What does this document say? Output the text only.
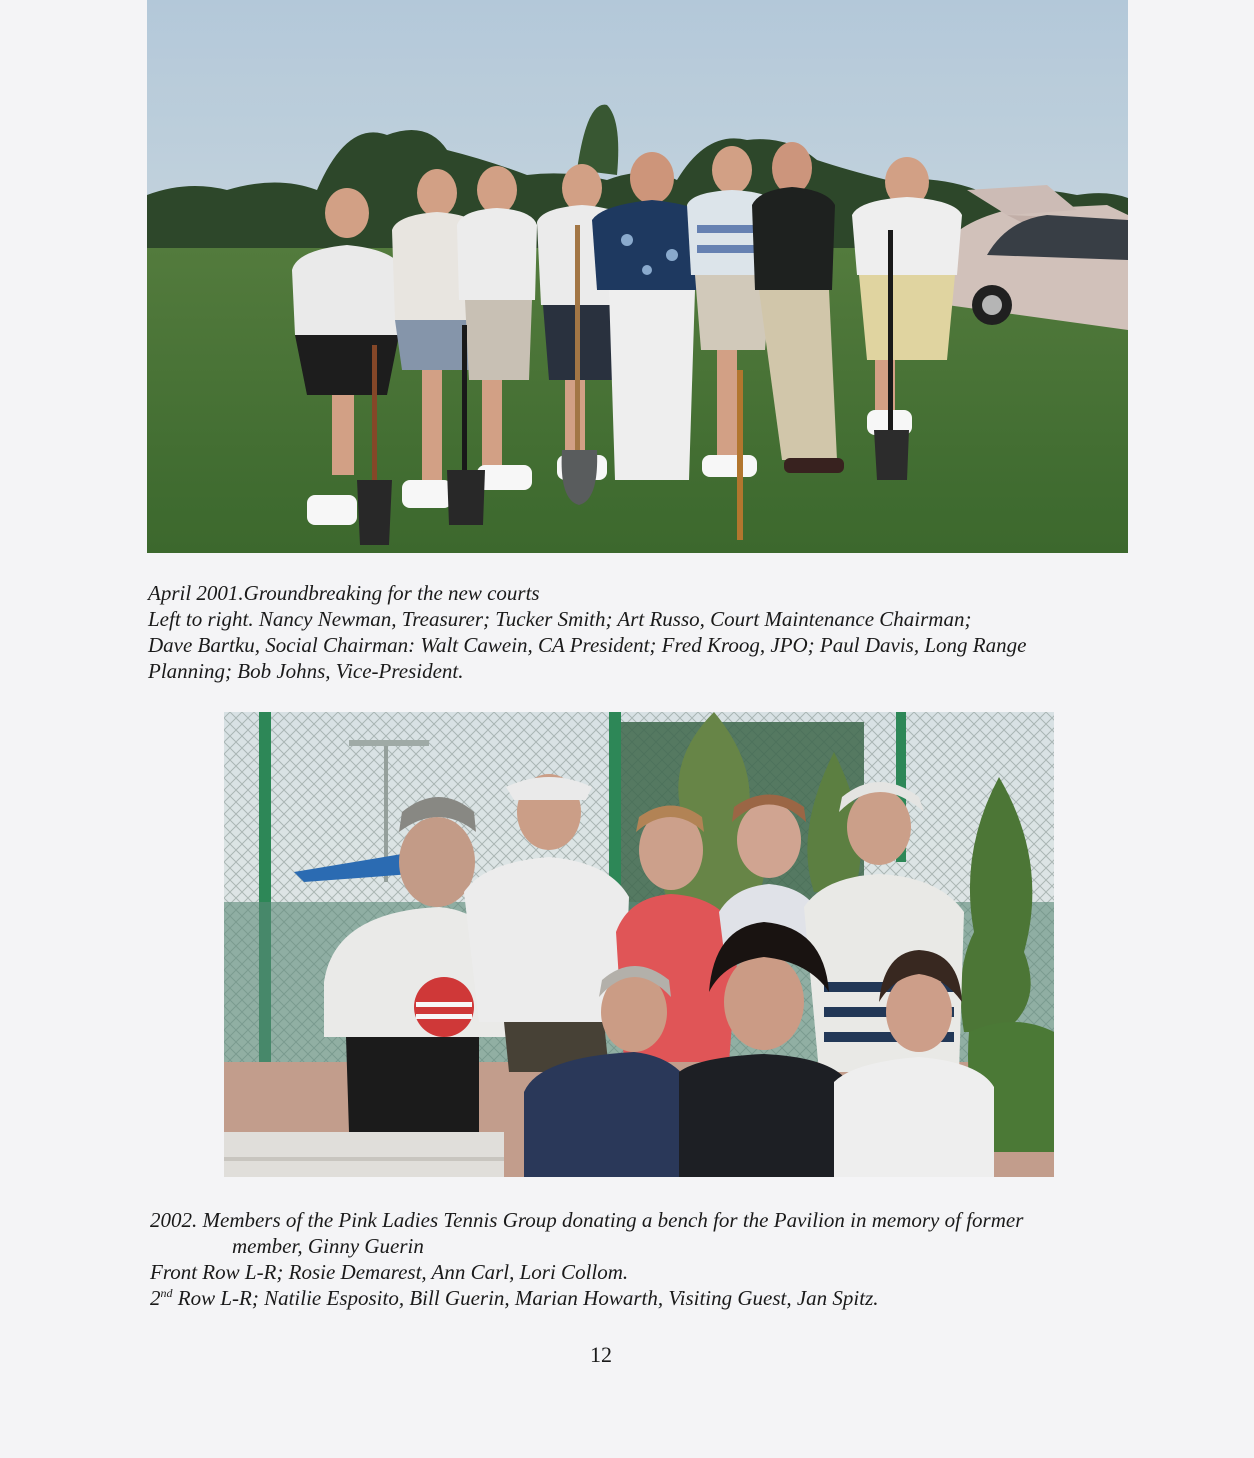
April 2001.Groundbreaking for the new courts
Left to right. Nancy Newman, Treasurer; Tucker Smith; Art Russo, Court Maintenance Chairman;
Dave Bartku, Social Chairman: Walt Cawein, CA President; Fred Kroog, JPO; Paul Davis, Long Range
Planning; Bob Johns, Vice-President.
2002. Members of the Pink Ladies Tennis Group donating a bench for the Pavilion in memory of former
member, Ginny Guerin
Front Row L-R; Rosie Demarest, Ann Carl, Lori Collom.
2nd Row L-R; Natilie Esposito, Bill Guerin, Marian Howarth, Visiting Guest, Jan Spitz.
12
